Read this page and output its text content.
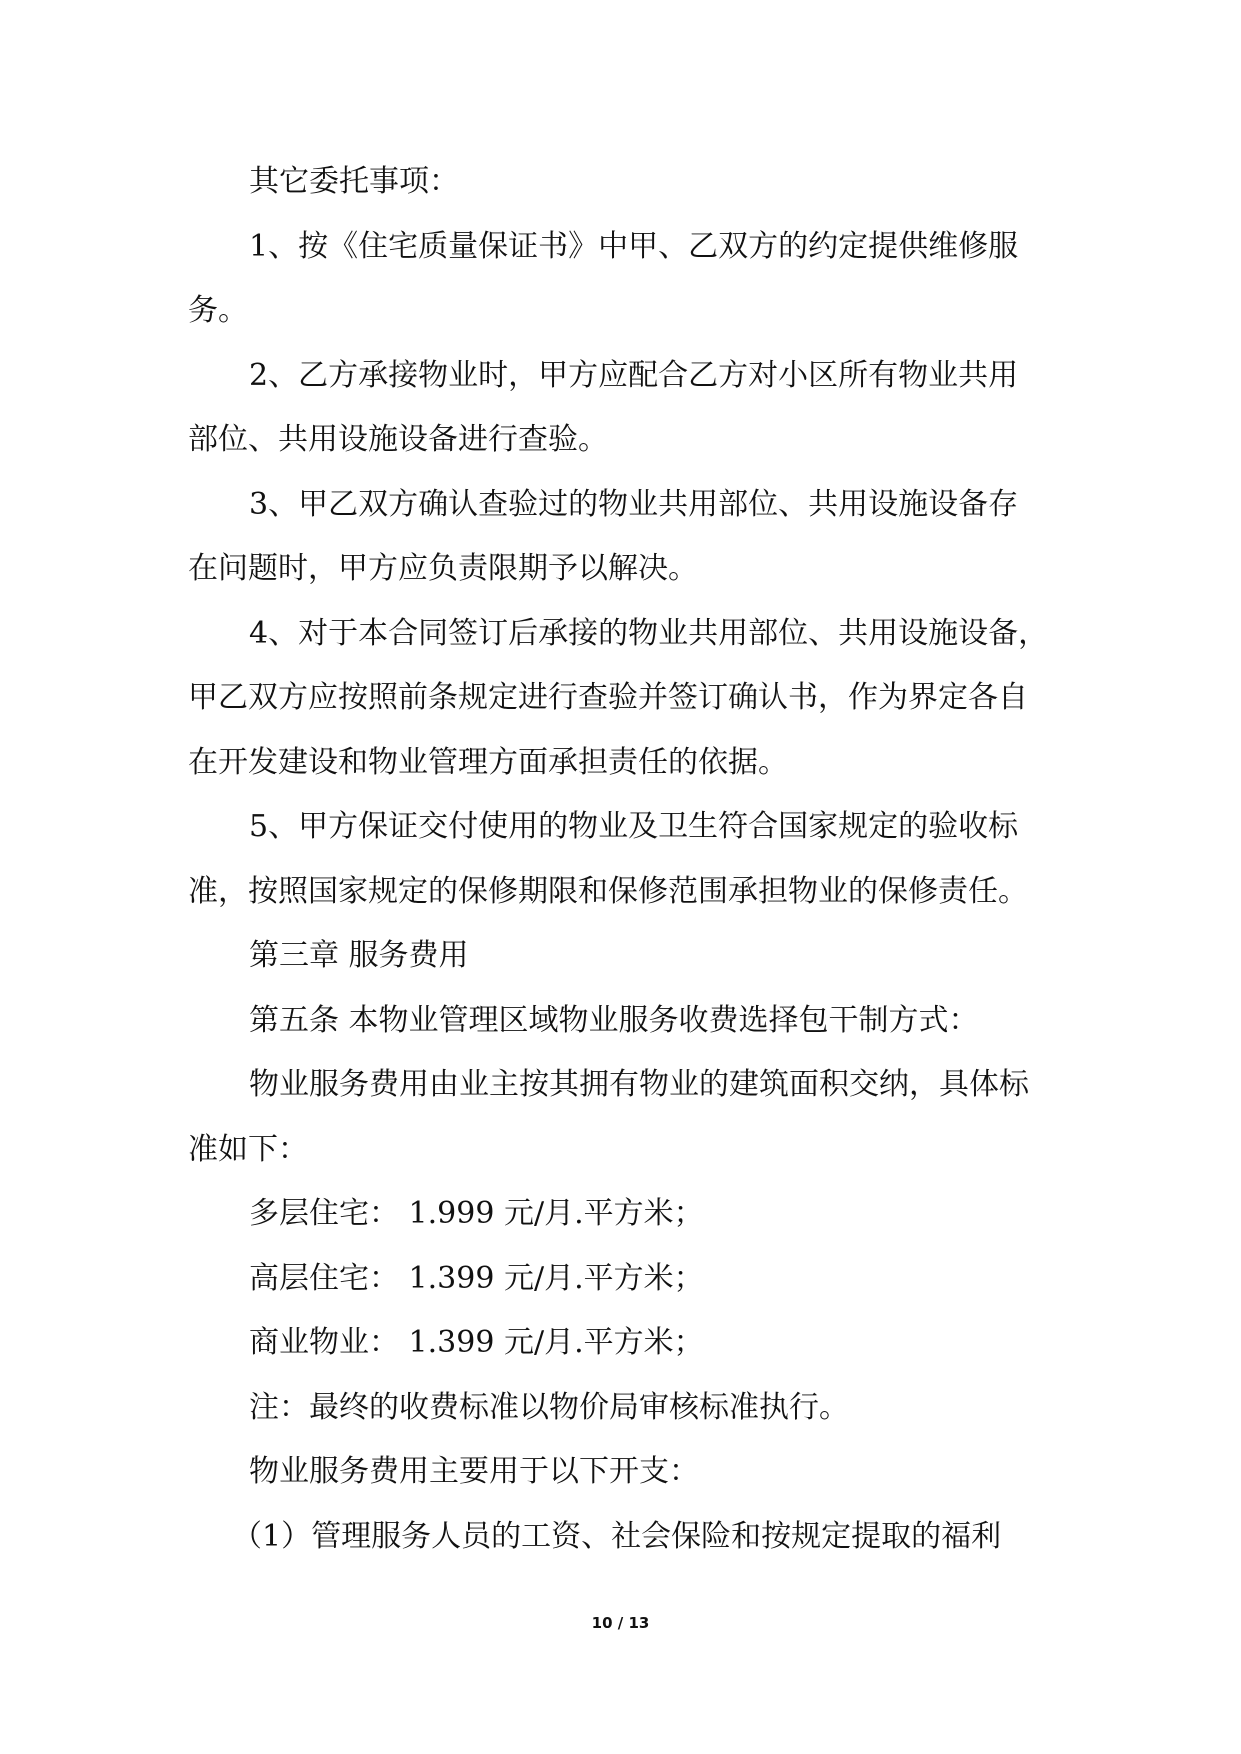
其它委托事项：

1、按《住宅质量保证书》中甲、乙双方的约定提供维修服

务。

2、乙方承接物业时，甲方应配合乙方对小区所有物业共用

部位、共用设施设备进行查验。

3、甲乙双方确认查验过的物业共用部位、共用设施设备存

在问题时，甲方应负责限期予以解决。

4、对于本合同签订后承接的物业共用部位、共用设施设备，

甲乙双方应按照前条规定进行查验并签订确认书，作为界定各自

在开发建设和物业管理方面承担责任的依据。

5、甲方保证交付使用的物业及卫生符合国家规定的验收标

准，按照国家规定的保修期限和保修范围承担物业的保修责任。

第三章 服务费用

第五条 本物业管理区域物业服务收费选择包干制方式：

物业服务费用由业主按其拥有物业的建筑面积交纳，具体标

准如下：

多层住宅： 1.999 元/月.平方米；

高层住宅： 1.399 元/月.平方米；

商业物业： 1.399 元/月.平方米；

注：最终的收费标准以物价局审核标准执行。

物业服务费用主要用于以下开支：

（1）管理服务人员的工资、社会保险和按规定提取的福利

10 / 13
